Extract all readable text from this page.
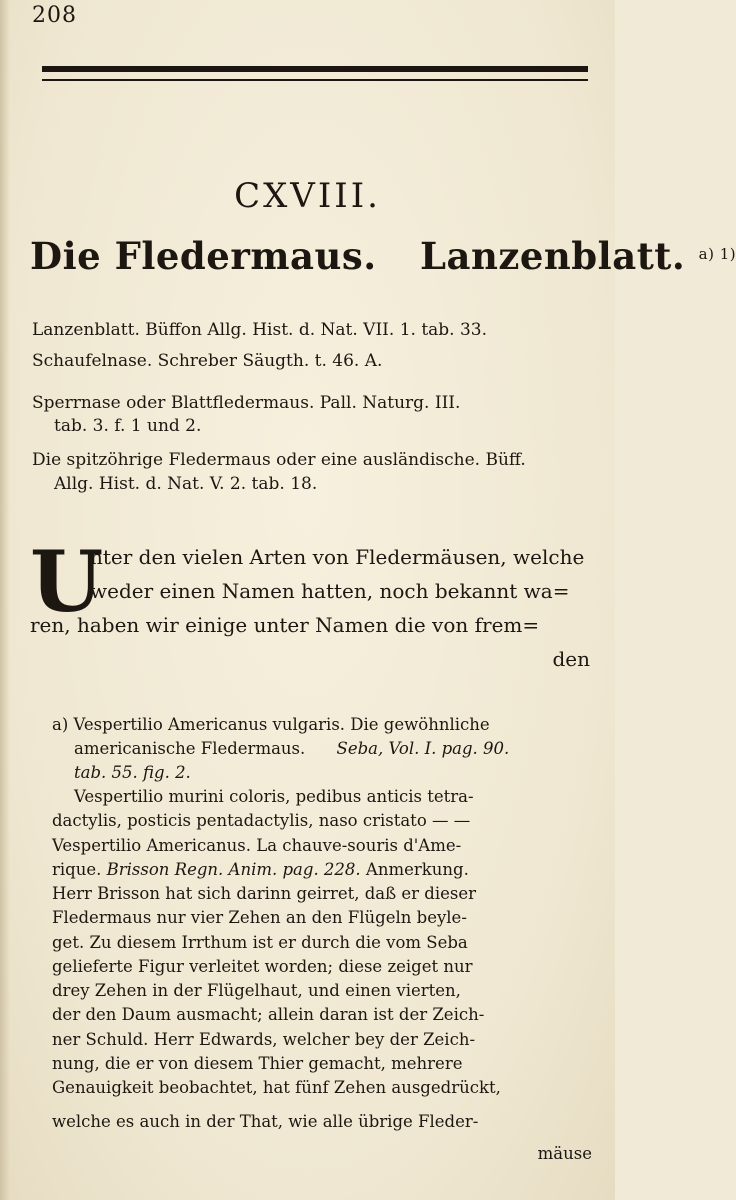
208
CXVIII.
Die Fledermaus. Lanzenblatt. $^{a) 1)}$
Lanzenblatt. Büffon Allg. Hist. d. Nat. VII. 1. tab. 33.
Schaufelnase. Schreber Säugth. t. 46. A.
Sperrnase oder Blattfledermaus. Pall. Naturg. III.
tab. 3. f. 1 und 2.
Die spitzöhrige Fledermaus oder eine ausländische. Büff.
Allg. Hist. d. Nat. V. 2. tab. 18.
U
nter den vielen Arten von Fledermäusen, welche
weder einen Namen hatten, noch bekannt wa=
ren, haben wir einige unter Namen die von frem=
den
a) Vespertilio Americanus vulgaris. Die gewöhnliche
americanische Fledermaus. Seba, Vol. I. pag. 90.
tab. 55. fig. 2.
Vespertilio murini coloris, pedibus anticis tetra-
dactylis, posticis pentadactylis, naso cristato — —
Vespertilio Americanus. La chauve-souris d'Ame-
rique. Brisson Regn. Anim. pag. 228. Anmerkung.
Herr Brisson hat sich darinn geirret, daß er dieser
Fledermaus nur vier Zehen an den Flügeln beyle-
get. Zu diesem Irrthum ist er durch die vom Seba
gelieferte Figur verleitet worden; diese zeiget nur
drey Zehen in der Flügelhaut, und einen vierten,
der den Daum ausmacht; allein daran ist der Zeich-
ner Schuld. Herr Edwards, welcher bey der Zeich-
nung, die er von diesem Thier gemacht, mehrere
Genauigkeit beobachtet, hat fünf Zehen ausgedrückt,
welche es auch in der That, wie alle übrige Fleder-
mäuse
